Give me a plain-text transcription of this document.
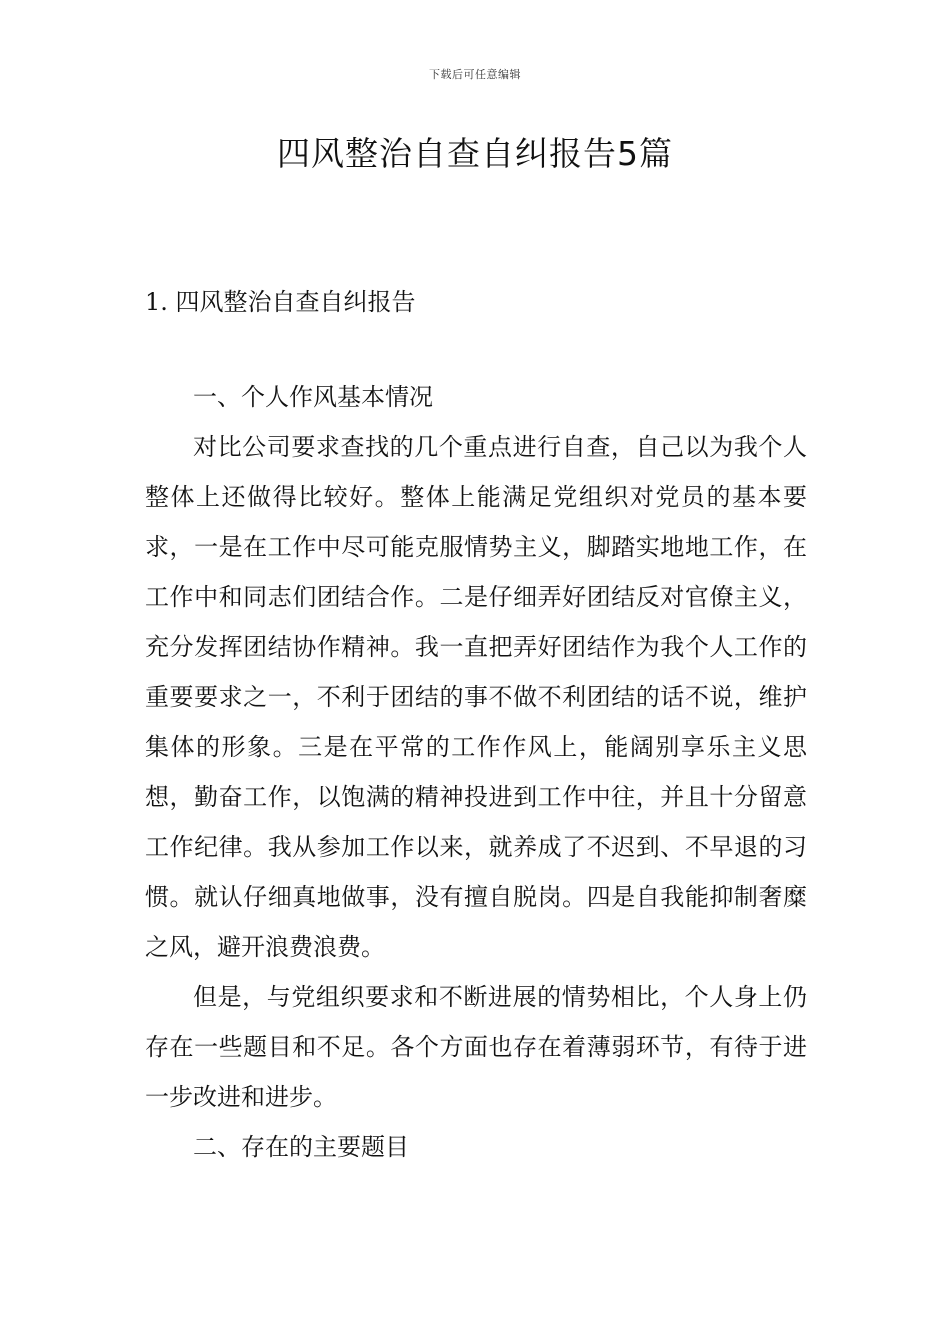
下载后可任意编辑
四风整治自查自纠报告5篇
1. 四风整治自查自纠报告
一、个人作风基本情况

对比公司要求查找的几个重点进行自查，自己以为我个人整体上还做得比较好。整体上能满足党组织对党员的基本要求，一是在工作中尽可能克服情势主义，脚踏实地地工作，在工作中和同志们团结合作。二是仔细弄好团结反对官僚主义，充分发挥团结协作精神。我一直把弄好团结作为我个人工作的重要要求之一，不利于团结的事不做不利团结的话不说，维护集体的形象。三是在平常的工作作风上，能阔别享乐主义思想，勤奋工作，以饱满的精神投进到工作中往，并且十分留意工作纪律。我从参加工作以来，就养成了不迟到、不早退的习惯。就认仔细真地做事，没有擅自脱岗。四是自我能抑制奢糜之风，避开浪费浪费。

但是，与党组织要求和不断进展的情势相比，个人身上仍存在一些题目和不足。各个方面也存在着薄弱环节，有待于进一步改进和进步。

二、存在的主要题目
